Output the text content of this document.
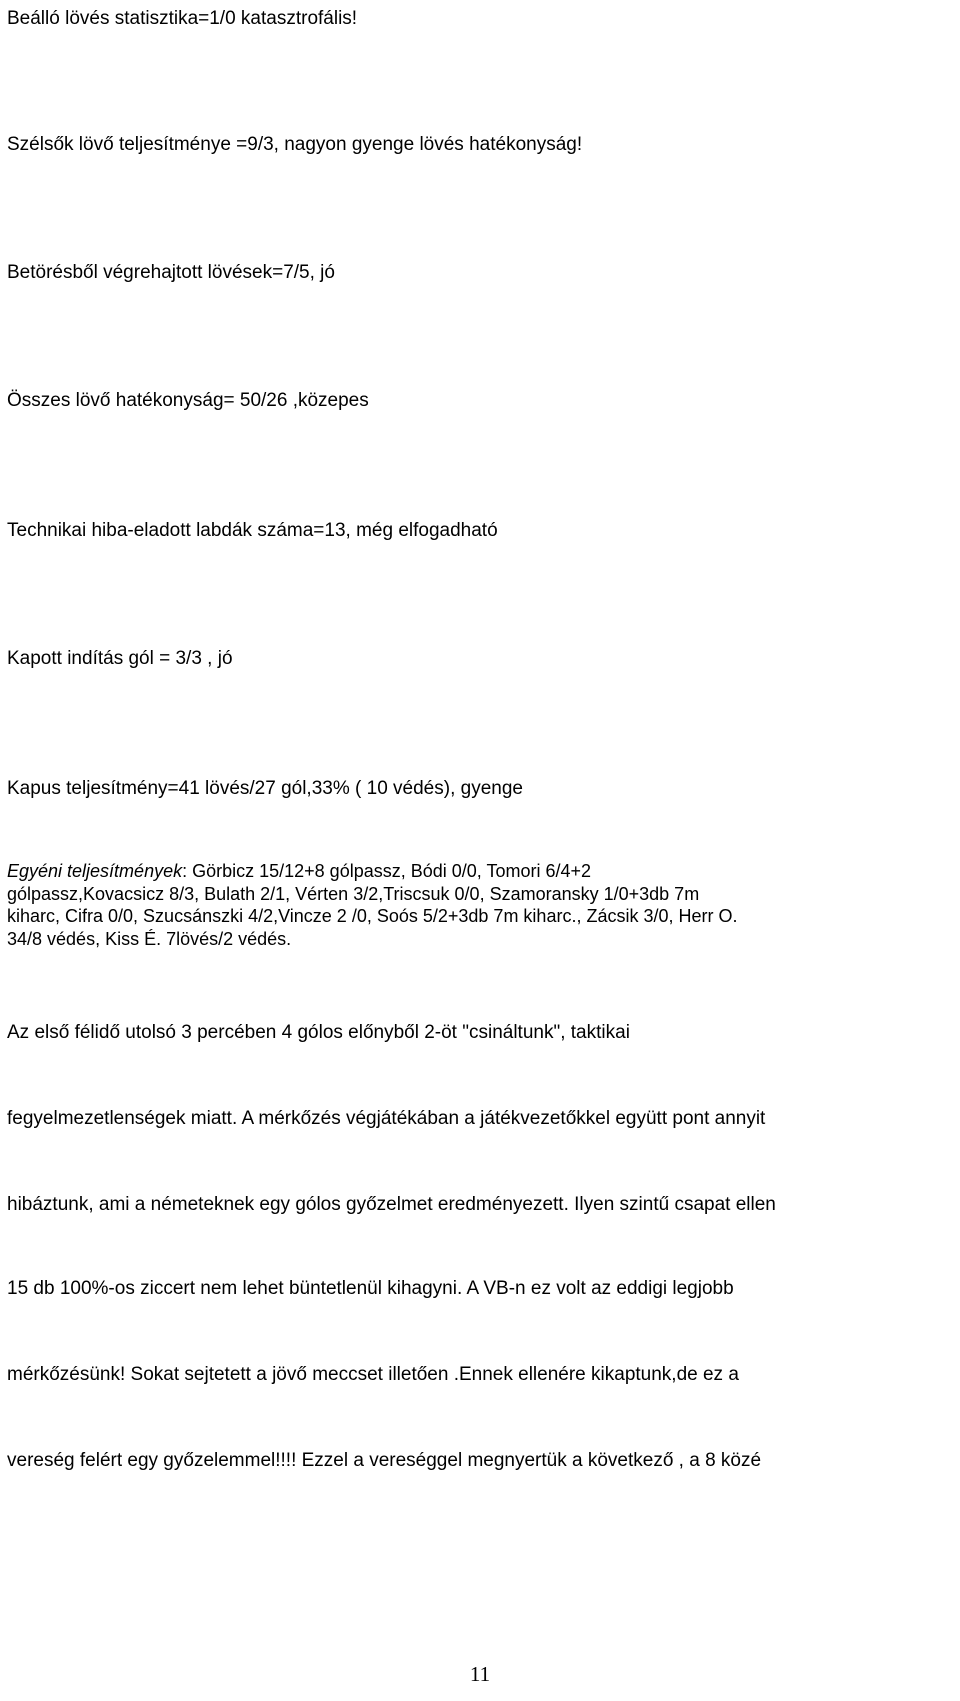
Beálló lövés statisztika=1/0 katasztrofális!
Szélsők lövő teljesítménye =9/3, nagyon gyenge lövés hatékonyság!
Betörésből végrehajtott lövések=7/5, jó
Összes lövő hatékonyság= 50/26 ,közepes
Technikai hiba-eladott labdák száma=13, még elfogadható
Kapott indítás gól = 3/3 , jó
Kapus teljesítmény=41 lövés/27 gól,33% ( 10 védés), gyenge
Egyéni teljesítmények: Görbicz 15/12+8 gólpassz, Bódi 0/0, Tomori 6/4+2
gólpassz,Kovacsicz 8/3, Bulath 2/1, Vérten 3/2,Triscsuk 0/0, Szamoransky 1/0+3db 7m
kiharc, Cifra 0/0, Szucsánszki 4/2,Vincze 2 /0, Soós 5/2+3db 7m kiharc., Zácsik 3/0, Herr O.
34/8 védés, Kiss É. 7lövés/2 védés.
Az első félidő utolsó 3 percében 4 gólos előnyből 2-öt "csináltunk", taktikai
fegyelmezetlenségek miatt. A mérkőzés végjátékában a játékvezetőkkel együtt pont annyit
hibáztunk, ami a németeknek egy gólos győzelmet eredményezett. Ilyen szintű csapat ellen
15 db 100%-os ziccert nem lehet büntetlenül kihagyni. A VB-n ez volt az eddigi legjobb
mérkőzésünk! Sokat sejtetett a jövő meccset illetően .Ennek ellenére kikaptunk,de ez a
vereség felért egy győzelemmel!!!! Ezzel a vereséggel megnyertük a következő , a 8 közé
11
